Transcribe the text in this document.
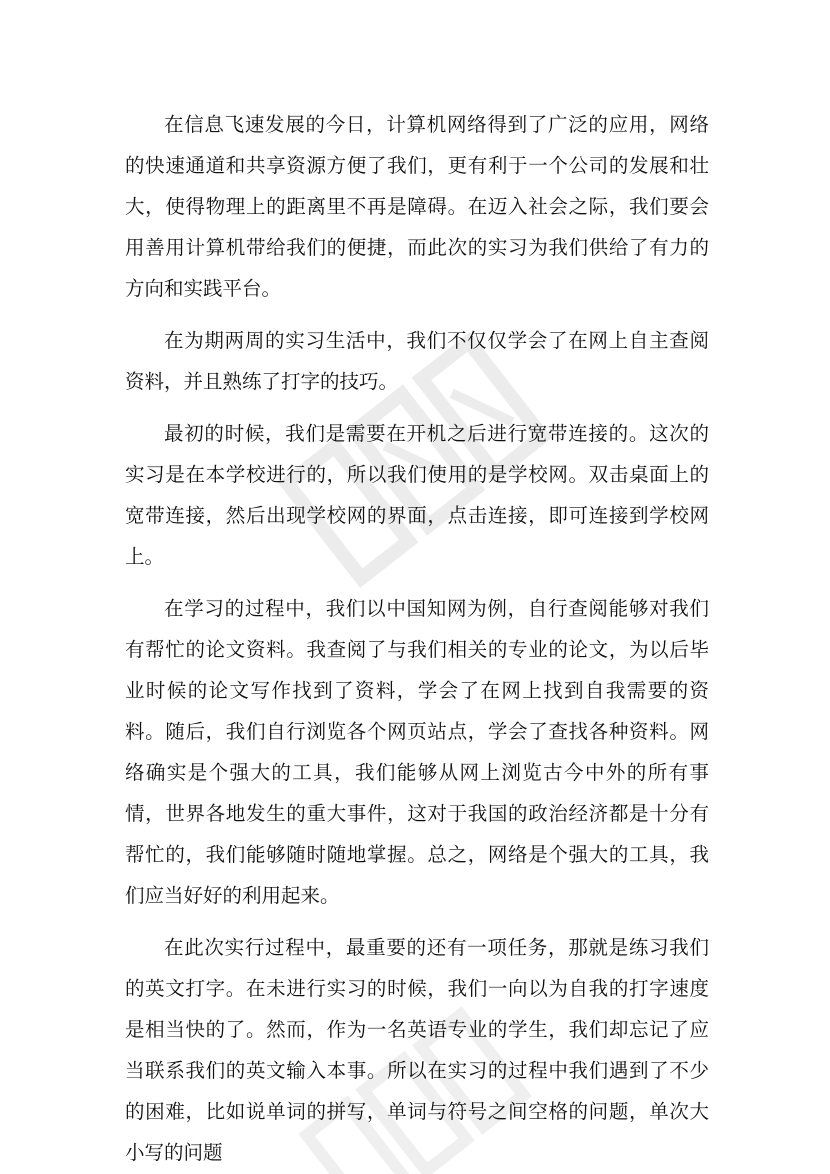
在信息飞速发展的今日，计算机网络得到了广泛的应用，网络的快速通道和共享资源方便了我们，更有利于一个公司的发展和壮大，使得物理上的距离里不再是障碍。在迈入社会之际，我们要会用善用计算机带给我们的便捷，而此次的实习为我们供给了有力的方向和实践平台。

在为期两周的实习生活中，我们不仅仅学会了在网上自主查阅资料，并且熟练了打字的技巧。

最初的时候，我们是需要在开机之后进行宽带连接的。这次的实习是在本学校进行的，所以我们使用的是学校网。双击桌面上的宽带连接，然后出现学校网的界面，点击连接，即可连接到学校网上。

在学习的过程中，我们以中国知网为例，自行查阅能够对我们有帮忙的论文资料。我查阅了与我们相关的专业的论文，为以后毕业时候的论文写作找到了资料，学会了在网上找到自我需要的资料。随后，我们自行浏览各个网页站点，学会了查找各种资料。网络确实是个强大的工具，我们能够从网上浏览古今中外的所有事情，世界各地发生的重大事件，这对于我国的政治经济都是十分有帮忙的，我们能够随时随地掌握。总之，网络是个强大的工具，我们应当好好的利用起来。

在此次实行过程中，最重要的还有一项任务，那就是练习我们的英文打字。在未进行实习的时候，我们一向以为自我的打字速度是相当快的了。然而，作为一名英语专业的学生，我们却忘记了应当联系我们的英文输入本事。所以在实习的过程中我们遇到了不少的困难，比如说单词的拼写，单词与符号之间空格的问题，单次大小写的问题
